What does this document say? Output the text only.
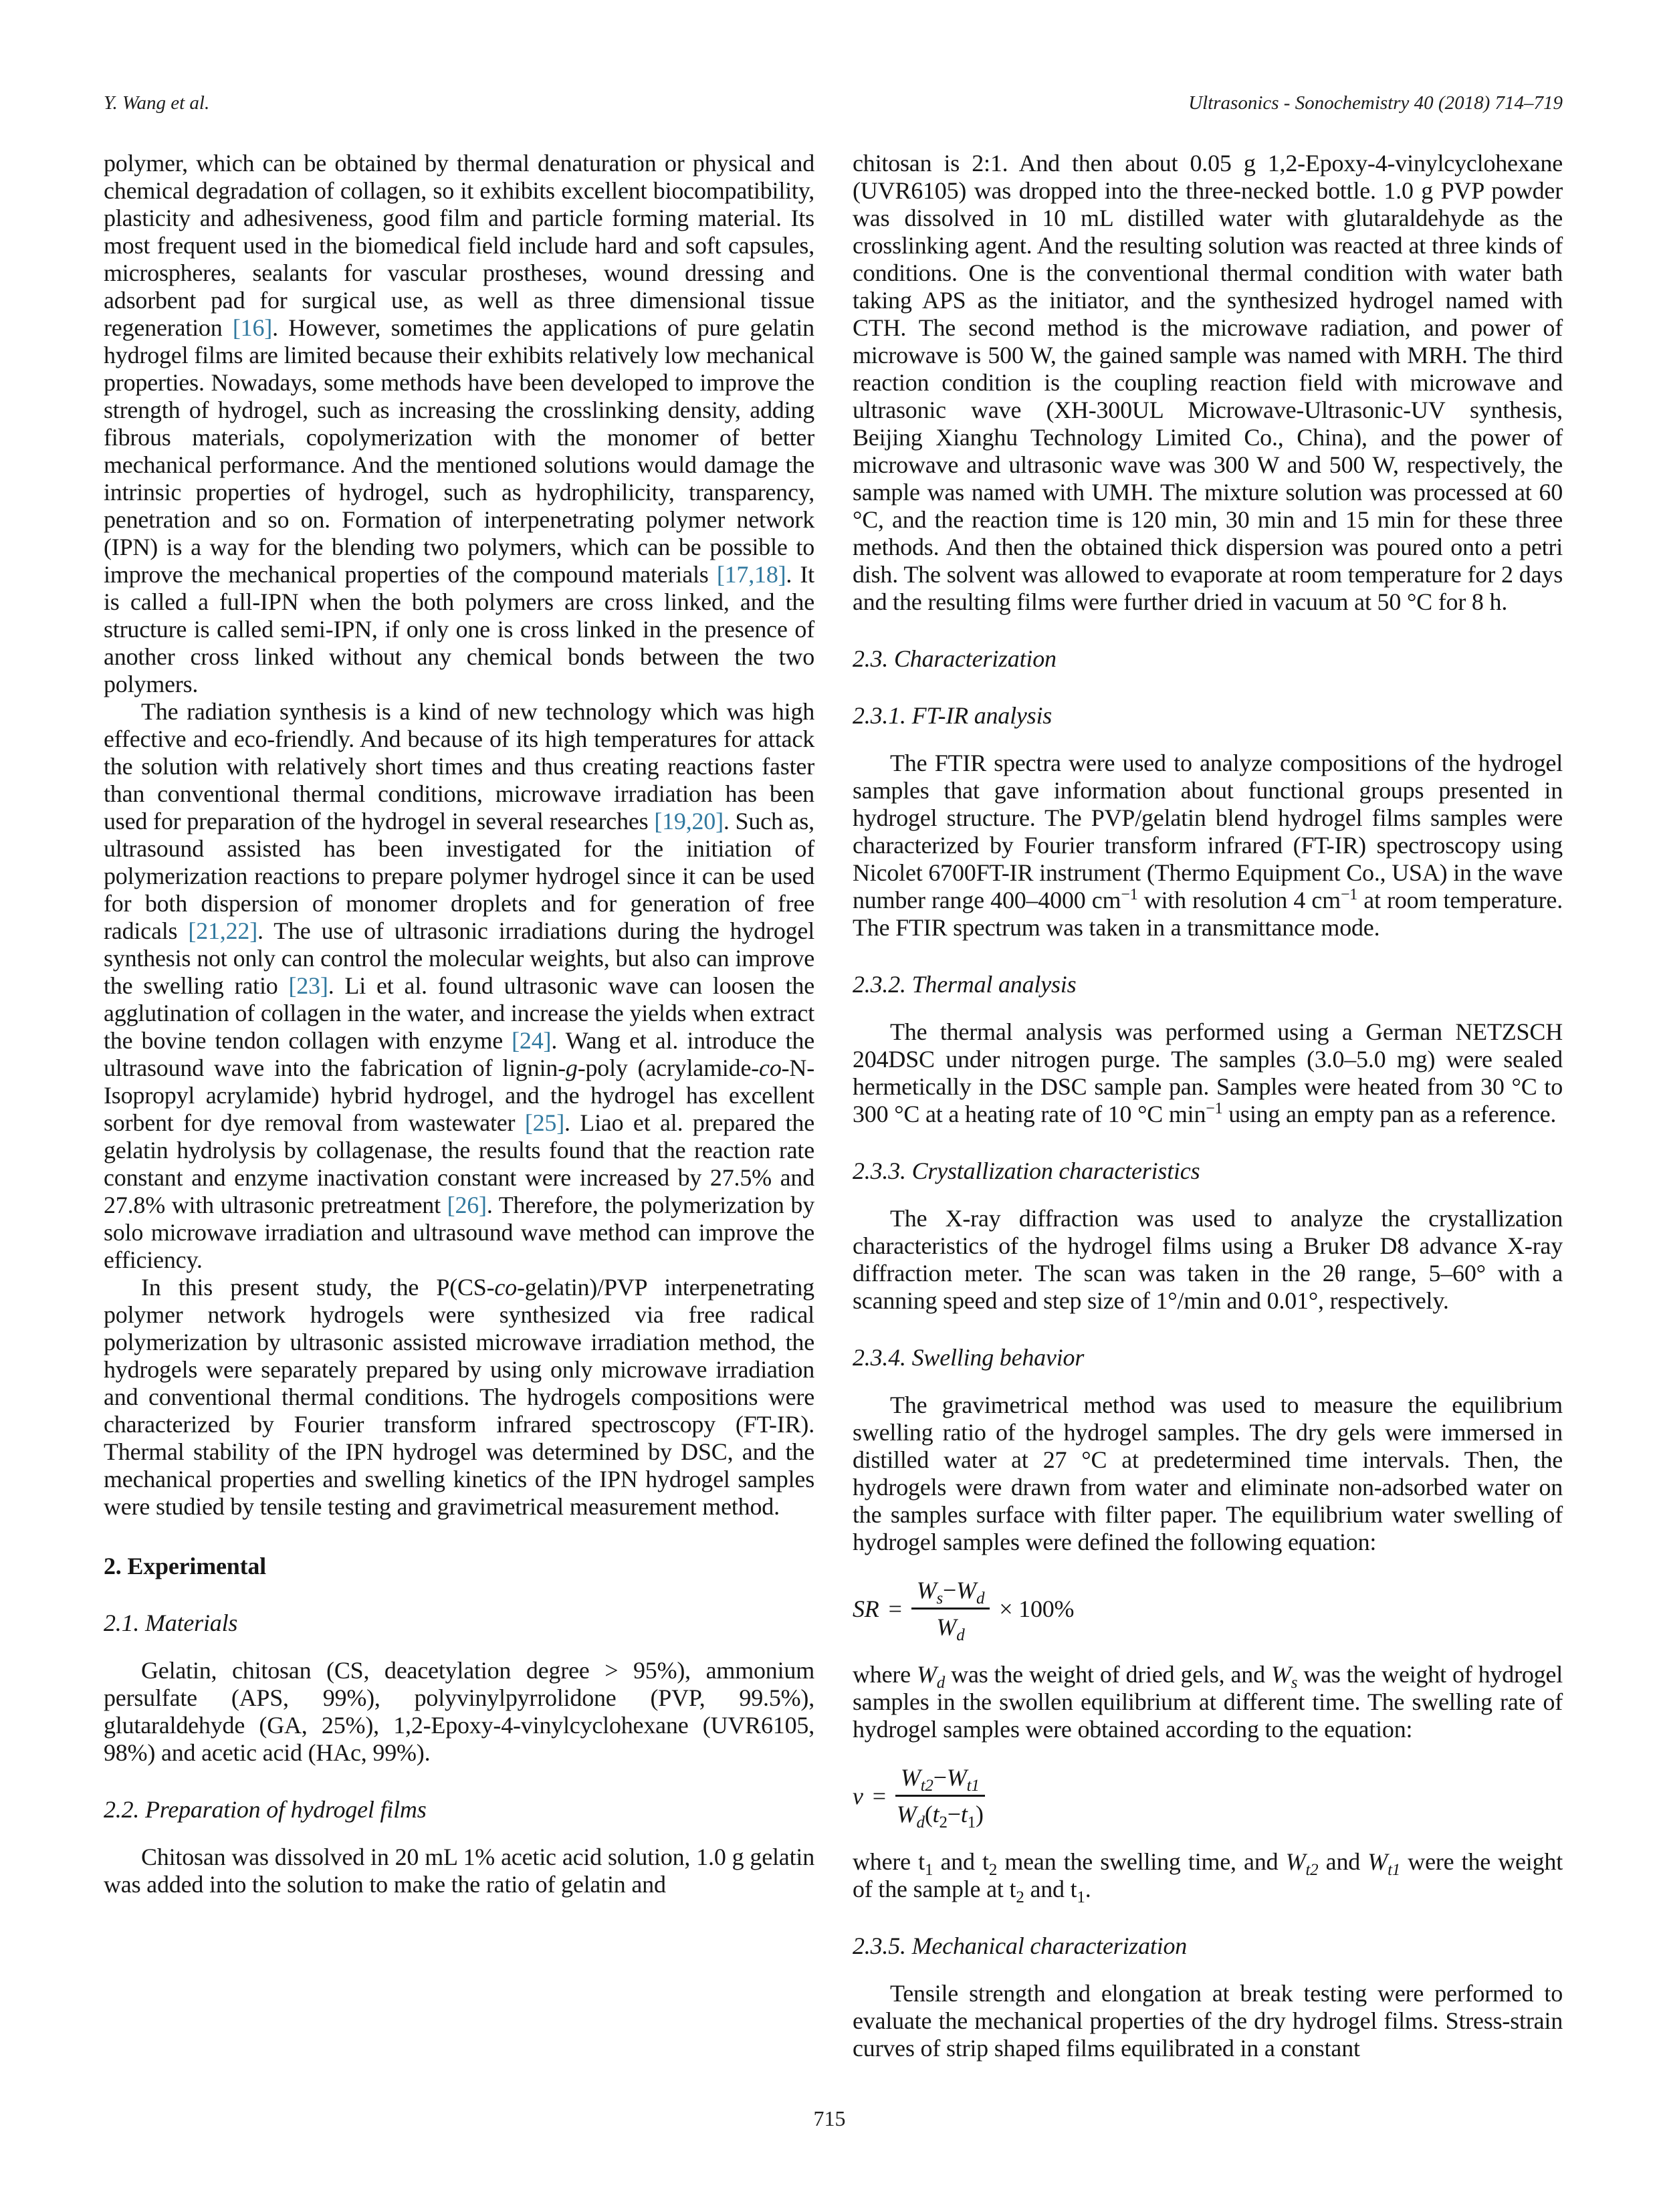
Y. Wang et al.	Ultrasonics - Sonochemistry 40 (2018) 714–719

polymer, which can be obtained by thermal denaturation or physical and chemical degradation of collagen, so it exhibits excellent biocompatibility, plasticity and adhesiveness, good film and particle forming material. Its most frequent used in the biomedical field include hard and soft capsules, microspheres, sealants for vascular prostheses, wound dressing and adsorbent pad for surgical use, as well as three dimensional tissue regeneration [16]. However, sometimes the applications of pure gelatin hydrogel films are limited because their exhibits relatively low mechanical properties. Nowadays, some methods have been developed to improve the strength of hydrogel, such as increasing the crosslinking density, adding fibrous materials, copolymerization with the monomer of better mechanical performance. And the mentioned solutions would damage the intrinsic properties of hydrogel, such as hydrophilicity, transparency, penetration and so on. Formation of interpenetrating polymer network (IPN) is a way for the blending two polymers, which can be possible to improve the mechanical properties of the compound materials [17,18]. It is called a full-IPN when the both polymers are cross linked, and the structure is called semi-IPN, if only one is cross linked in the presence of another cross linked without any chemical bonds between the two polymers.

The radiation synthesis is a kind of new technology which was high effective and eco-friendly. And because of its high temperatures for attack the solution with relatively short times and thus creating reactions faster than conventional thermal conditions, microwave irradiation has been used for preparation of the hydrogel in several researches [19,20]. Such as, ultrasound assisted has been investigated for the initiation of polymerization reactions to prepare polymer hydrogel since it can be used for both dispersion of monomer droplets and for generation of free radicals [21,22]. The use of ultrasonic irradiations during the hydrogel synthesis not only can control the molecular weights, but also can improve the swelling ratio [23]. Li et al. found ultrasonic wave can loosen the agglutination of collagen in the water, and increase the yields when extract the bovine tendon collagen with enzyme [24]. Wang et al. introduce the ultrasound wave into the fabrication of lignin-g-poly (acrylamide-co-N-Isopropyl acrylamide) hybrid hydrogel, and the hydrogel has excellent sorbent for dye removal from wastewater [25]. Liao et al. prepared the gelatin hydrolysis by collagenase, the results found that the reaction rate constant and enzyme inactivation constant were increased by 27.5% and 27.8% with ultrasonic pretreatment [26]. Therefore, the polymerization by solo microwave irradiation and ultrasound wave method can improve the efficiency.

In this present study, the P(CS-co-gelatin)/PVP interpenetrating polymer network hydrogels were synthesized via free radical polymerization by ultrasonic assisted microwave irradiation method, the hydrogels were separately prepared by using only microwave irradiation and conventional thermal conditions. The hydrogels compositions were characterized by Fourier transform infrared spectroscopy (FT-IR). Thermal stability of the IPN hydrogel was determined by DSC, and the mechanical properties and swelling kinetics of the IPN hydrogel samples were studied by tensile testing and gravimetrical measurement method.

2. Experimental
2.1. Materials

Gelatin, chitosan (CS, deacetylation degree > 95%), ammonium persulfate (APS, 99%), polyvinylpyrrolidone (PVP, 99.5%), glutaraldehyde (GA, 25%), 1,2-Epoxy-4-vinylcyclohexane (UVR6105, 98%) and acetic acid (HAc, 99%).

2.2. Preparation of hydrogel films

Chitosan was dissolved in 20 mL 1% acetic acid solution, 1.0 g gelatin was added into the solution to make the ratio of gelatin and

chitosan is 2:1. And then about 0.05 g 1,2-Epoxy-4-vinylcyclohexane (UVR6105) was dropped into the three-necked bottle. 1.0 g PVP powder was dissolved in 10 mL distilled water with glutaraldehyde as the crosslinking agent. And the resulting solution was reacted at three kinds of conditions. One is the conventional thermal condition with water bath taking APS as the initiator, and the synthesized hydrogel named with CTH. The second method is the microwave radiation, and power of microwave is 500 W, the gained sample was named with MRH. The third reaction condition is the coupling reaction field with microwave and ultrasonic wave (XH-300UL Microwave-Ultrasonic-UV synthesis, Beijing Xianghu Technology Limited Co., China), and the power of microwave and ultrasonic wave was 300 W and 500 W, respectively, the sample was named with UMH. The mixture solution was processed at 60 °C, and the reaction time is 120 min, 30 min and 15 min for these three methods. And then the obtained thick dispersion was poured onto a petri dish. The solvent was allowed to evaporate at room temperature for 2 days and the resulting films were further dried in vacuum at 50 °C for 8 h.

2.3. Characterization
2.3.1. FT-IR analysis

The FTIR spectra were used to analyze compositions of the hydrogel samples that gave information about functional groups presented in hydrogel structure. The PVP/gelatin blend hydrogel films samples were characterized by Fourier transform infrared (FT-IR) spectroscopy using Nicolet 6700FT-IR instrument (Thermo Equipment Co., USA) in the wave number range 400–4000 $cm^{-1}$ with resolution 4 $cm^{-1}$ at room temperature. The FTIR spectrum was taken in a transmittance mode.

2.3.2. Thermal analysis

The thermal analysis was performed using a German NETZSCH 204DSC under nitrogen purge. The samples (3.0–5.0 mg) were sealed hermetically in the DSC sample pan. Samples were heated from 30 °C to 300 °C at a heating rate of 10 °C $\min^{-1} using$ an empty pan as a reference.

2.3.3. Crystallization characteristics

The X-ray diffraction was used to analyze the crystallization characteristics of the hydrogel films using a Bruker D8 advance X-ray diffraction meter. The scan was taken in the 2θ range, 5–60° with a scanning speed and step size of 1°/min and 0.01°, respectively.

2.3.4. Swelling behavior

The gravimetrical method was used to measure the equilibrium swelling ratio of the hydrogel samples. The dry gels were immersed in distilled water at 27 °C at predetermined time intervals. Then, the hydrogels were drawn from water and eliminate non-adsorbed water on the samples surface with filter paper. The equilibrium water swelling of hydrogel samples were defined the following equation:

SR = $\frac{W_s-W_d}{W_d} \times 100\%$

where $W_d$ was the weight of dried gels, and $W_s$ was the weight of hydrogel samples in the swollen equilibrium at different time. The swelling rate of hydrogel samples were obtained according to the equation:

$v = \frac{W_{t2}-W_{t1}}{W_d(t_2-t_1)}$

where $t_1$ and $t_2$ mean the swelling time, and $W_{t2}$ and $W_{t1}$ were the weight of the sample at $t_2$ and $t_1$.

2.3.5. Mechanical characterization

Tensile strength and elongation at break testing were performed to evaluate the mechanical properties of the dry hydrogel films. Stress-strain curves of strip shaped films equilibrated in a constant

715
